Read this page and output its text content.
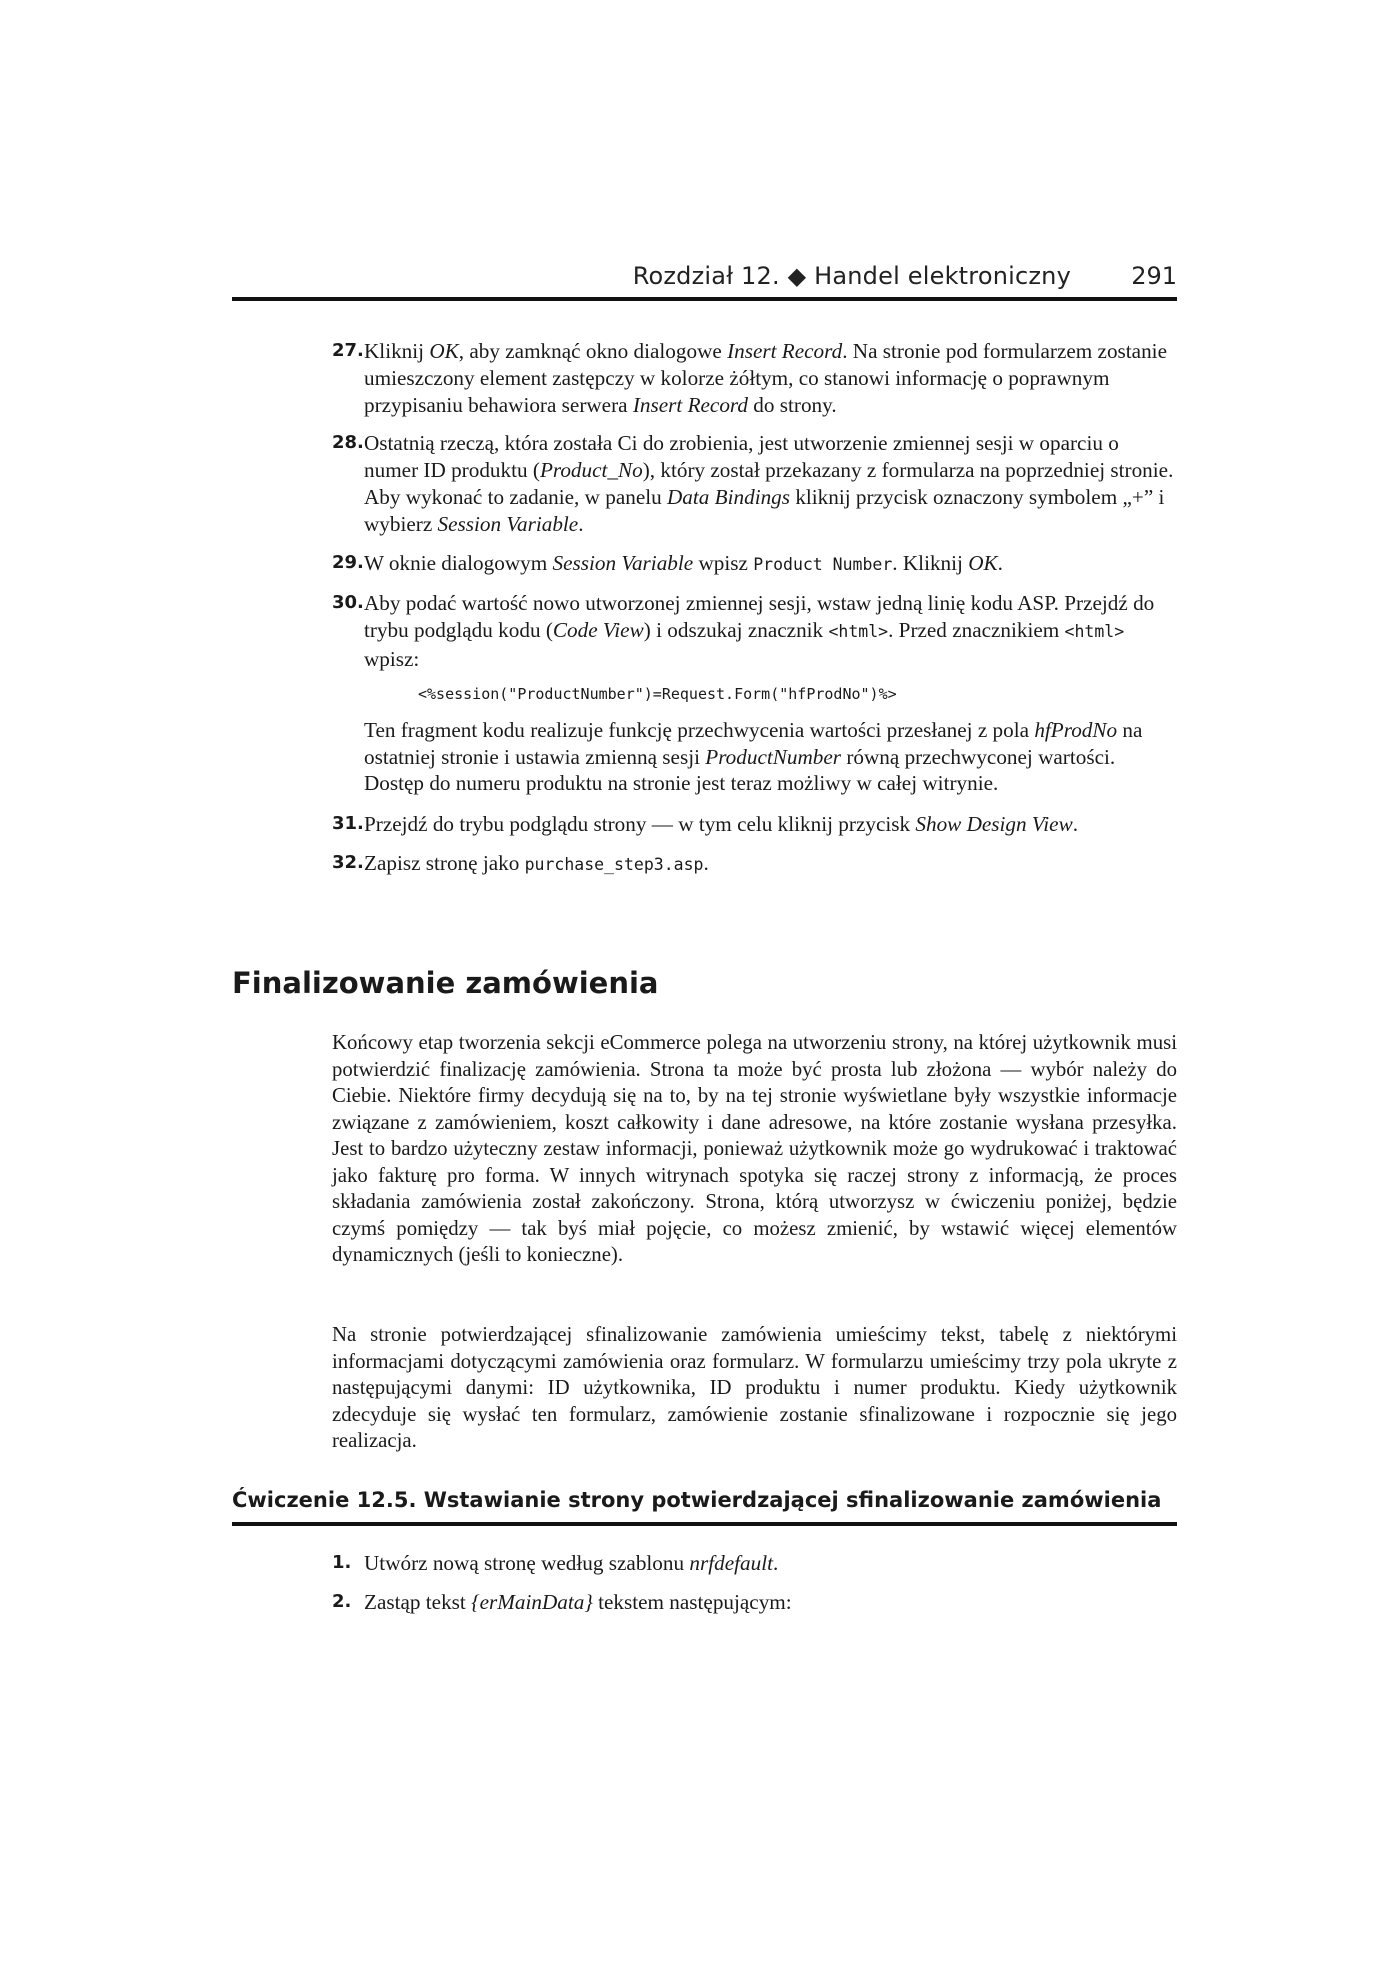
Rozdział 12. ◆ Handel elektroniczny	291
27. Kliknij OK, aby zamknąć okno dialogowe Insert Record. Na stronie pod formularzem zostanie umieszczony element zastępczy w kolorze żółtym, co stanowi informację o poprawnym przypisaniu behawiora serwera Insert Record do strony.
28. Ostatnią rzeczą, która została Ci do zrobienia, jest utworzenie zmiennej sesji w oparciu o numer ID produktu (Product_No), który został przekazany z formularza na poprzedniej stronie. Aby wykonać to zadanie, w panelu Data Bindings kliknij przycisk oznaczony symbolem „+” i wybierz Session Variable.
29. W oknie dialogowym Session Variable wpisz Product Number. Kliknij OK.
30. Aby podać wartość nowo utworzonej zmiennej sesji, wstaw jedną linię kodu ASP. Przejdź do trybu podglądu kodu (Code View) i odszukaj znacznik <html>. Przed znacznikiem <html> wpisz:
<%session("ProductNumber")=Request.Form("hfProdNo")%>
Ten fragment kodu realizuje funkcję przechwycenia wartości przesłanej z pola hfProdNo na ostatniej stronie i ustawia zmienną sesji ProductNumber równą przechwyconej wartości. Dostęp do numeru produktu na stronie jest teraz możliwy w całej witrynie.
31. Przejdź do trybu podglądu strony — w tym celu kliknij przycisk Show Design View.
32. Zapisz stronę jako purchase_step3.asp.
Finalizowanie zamówienia

Końcowy etap tworzenia sekcji eCommerce polega na utworzeniu strony, na której użytkownik musi potwierdzić finalizację zamówienia. Strona ta może być prosta lub złożona — wybór należy do Ciebie. Niektóre firmy decydują się na to, by na tej stronie wyświetlane były wszystkie informacje związane z zamówieniem, koszt całkowity i dane adresowe, na które zostanie wysłana przesyłka. Jest to bardzo użyteczny zestaw informacji, ponieważ użytkownik może go wydrukować i traktować jako fakturę pro forma. W innych witrynach spotyka się raczej strony z informacją, że proces składania zamówienia został zakończony. Strona, którą utworzysz w ćwiczeniu poniżej, będzie czymś pomiędzy — tak byś miał pojęcie, co możesz zmienić, by wstawić więcej elementów dynamicznych (jeśli to konieczne).

Na stronie potwierdzającej sfinalizowanie zamówienia umieścimy tekst, tabelę z niektórymi informacjami dotyczącymi zamówienia oraz formularz. W formularzu umieścimy trzy pola ukryte z następującymi danymi: ID użytkownika, ID produktu i numer produktu. Kiedy użytkownik zdecyduje się wysłać ten formularz, zamówienie zostanie sfinalizowane i rozpocznie się jego realizacja.

Ćwiczenie 12.5. Wstawianie strony potwierdzającej sfinalizowanie zamówienia
1. Utwórz nową stronę według szablonu nrfdefault.
2. Zastąp tekst {erMainData} tekstem następującym:
